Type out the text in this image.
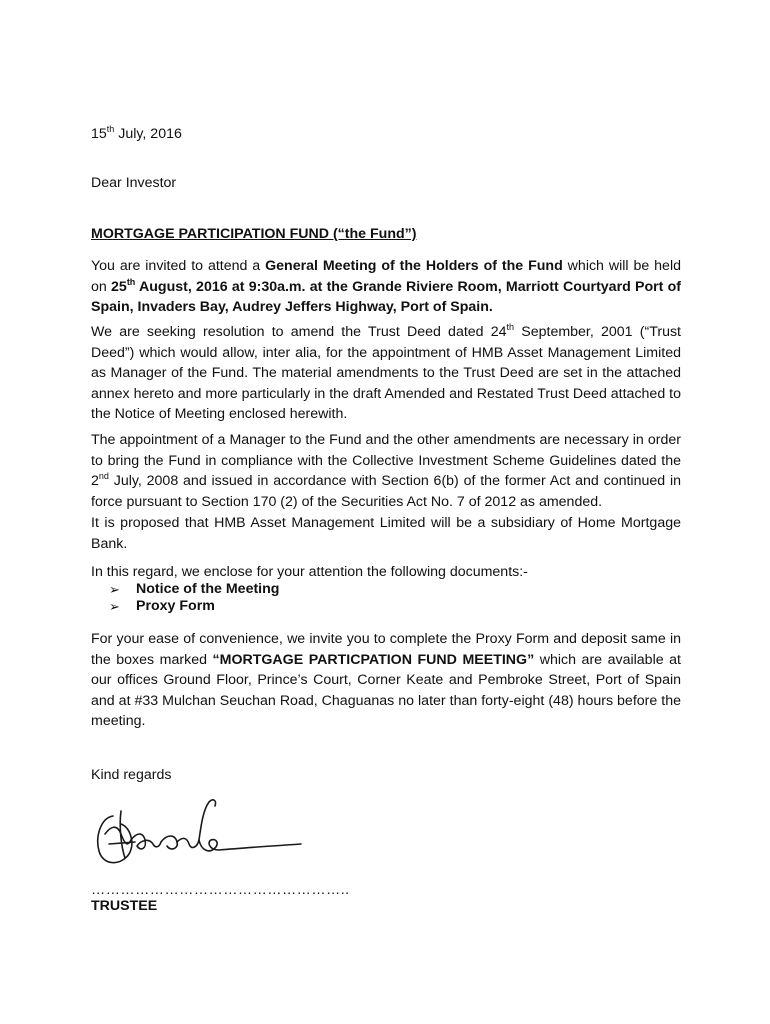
15th July, 2016
Dear Investor
MORTGAGE PARTICIPATION FUND (“the Fund”)
You are invited to attend a General Meeting of the Holders of the Fund which will be held on 25th August, 2016 at 9:30a.m. at the Grande Riviere Room, Marriott Courtyard Port of Spain, Invaders Bay, Audrey Jeffers Highway, Port of Spain.
We are seeking resolution to amend the Trust Deed dated 24th September, 2001 (“Trust Deed”) which would allow, inter alia, for the appointment of HMB Asset Management Limited as Manager of the Fund. The material amendments to the Trust Deed are set in the attached annex hereto and more particularly in the draft Amended and Restated Trust Deed attached to the Notice of Meeting enclosed herewith.
The appointment of a Manager to the Fund and the other amendments are necessary in order to bring the Fund in compliance with the Collective Investment Scheme Guidelines dated the 2nd July, 2008 and issued in accordance with Section 6(b) of the former Act and continued in force pursuant to Section 170 (2) of the Securities Act No. 7 of 2012 as amended.
It is proposed that HMB Asset Management Limited will be a subsidiary of Home Mortgage Bank.
In this regard, we enclose for your attention the following documents:-
➢ Notice of the Meeting
➢ Proxy Form
For your ease of convenience, we invite you to complete the Proxy Form and deposit same in the boxes marked “MORTGAGE PARTICPATION FUND MEETING” which are available at our offices Ground Floor, Prince’s Court, Corner Keate and Pembroke Street, Port of Spain and at #33 Mulchan Seuchan Road, Chaguanas no later than forty-eight (48) hours before the meeting.
Kind regards
……………………………………………..
TRUSTEE
